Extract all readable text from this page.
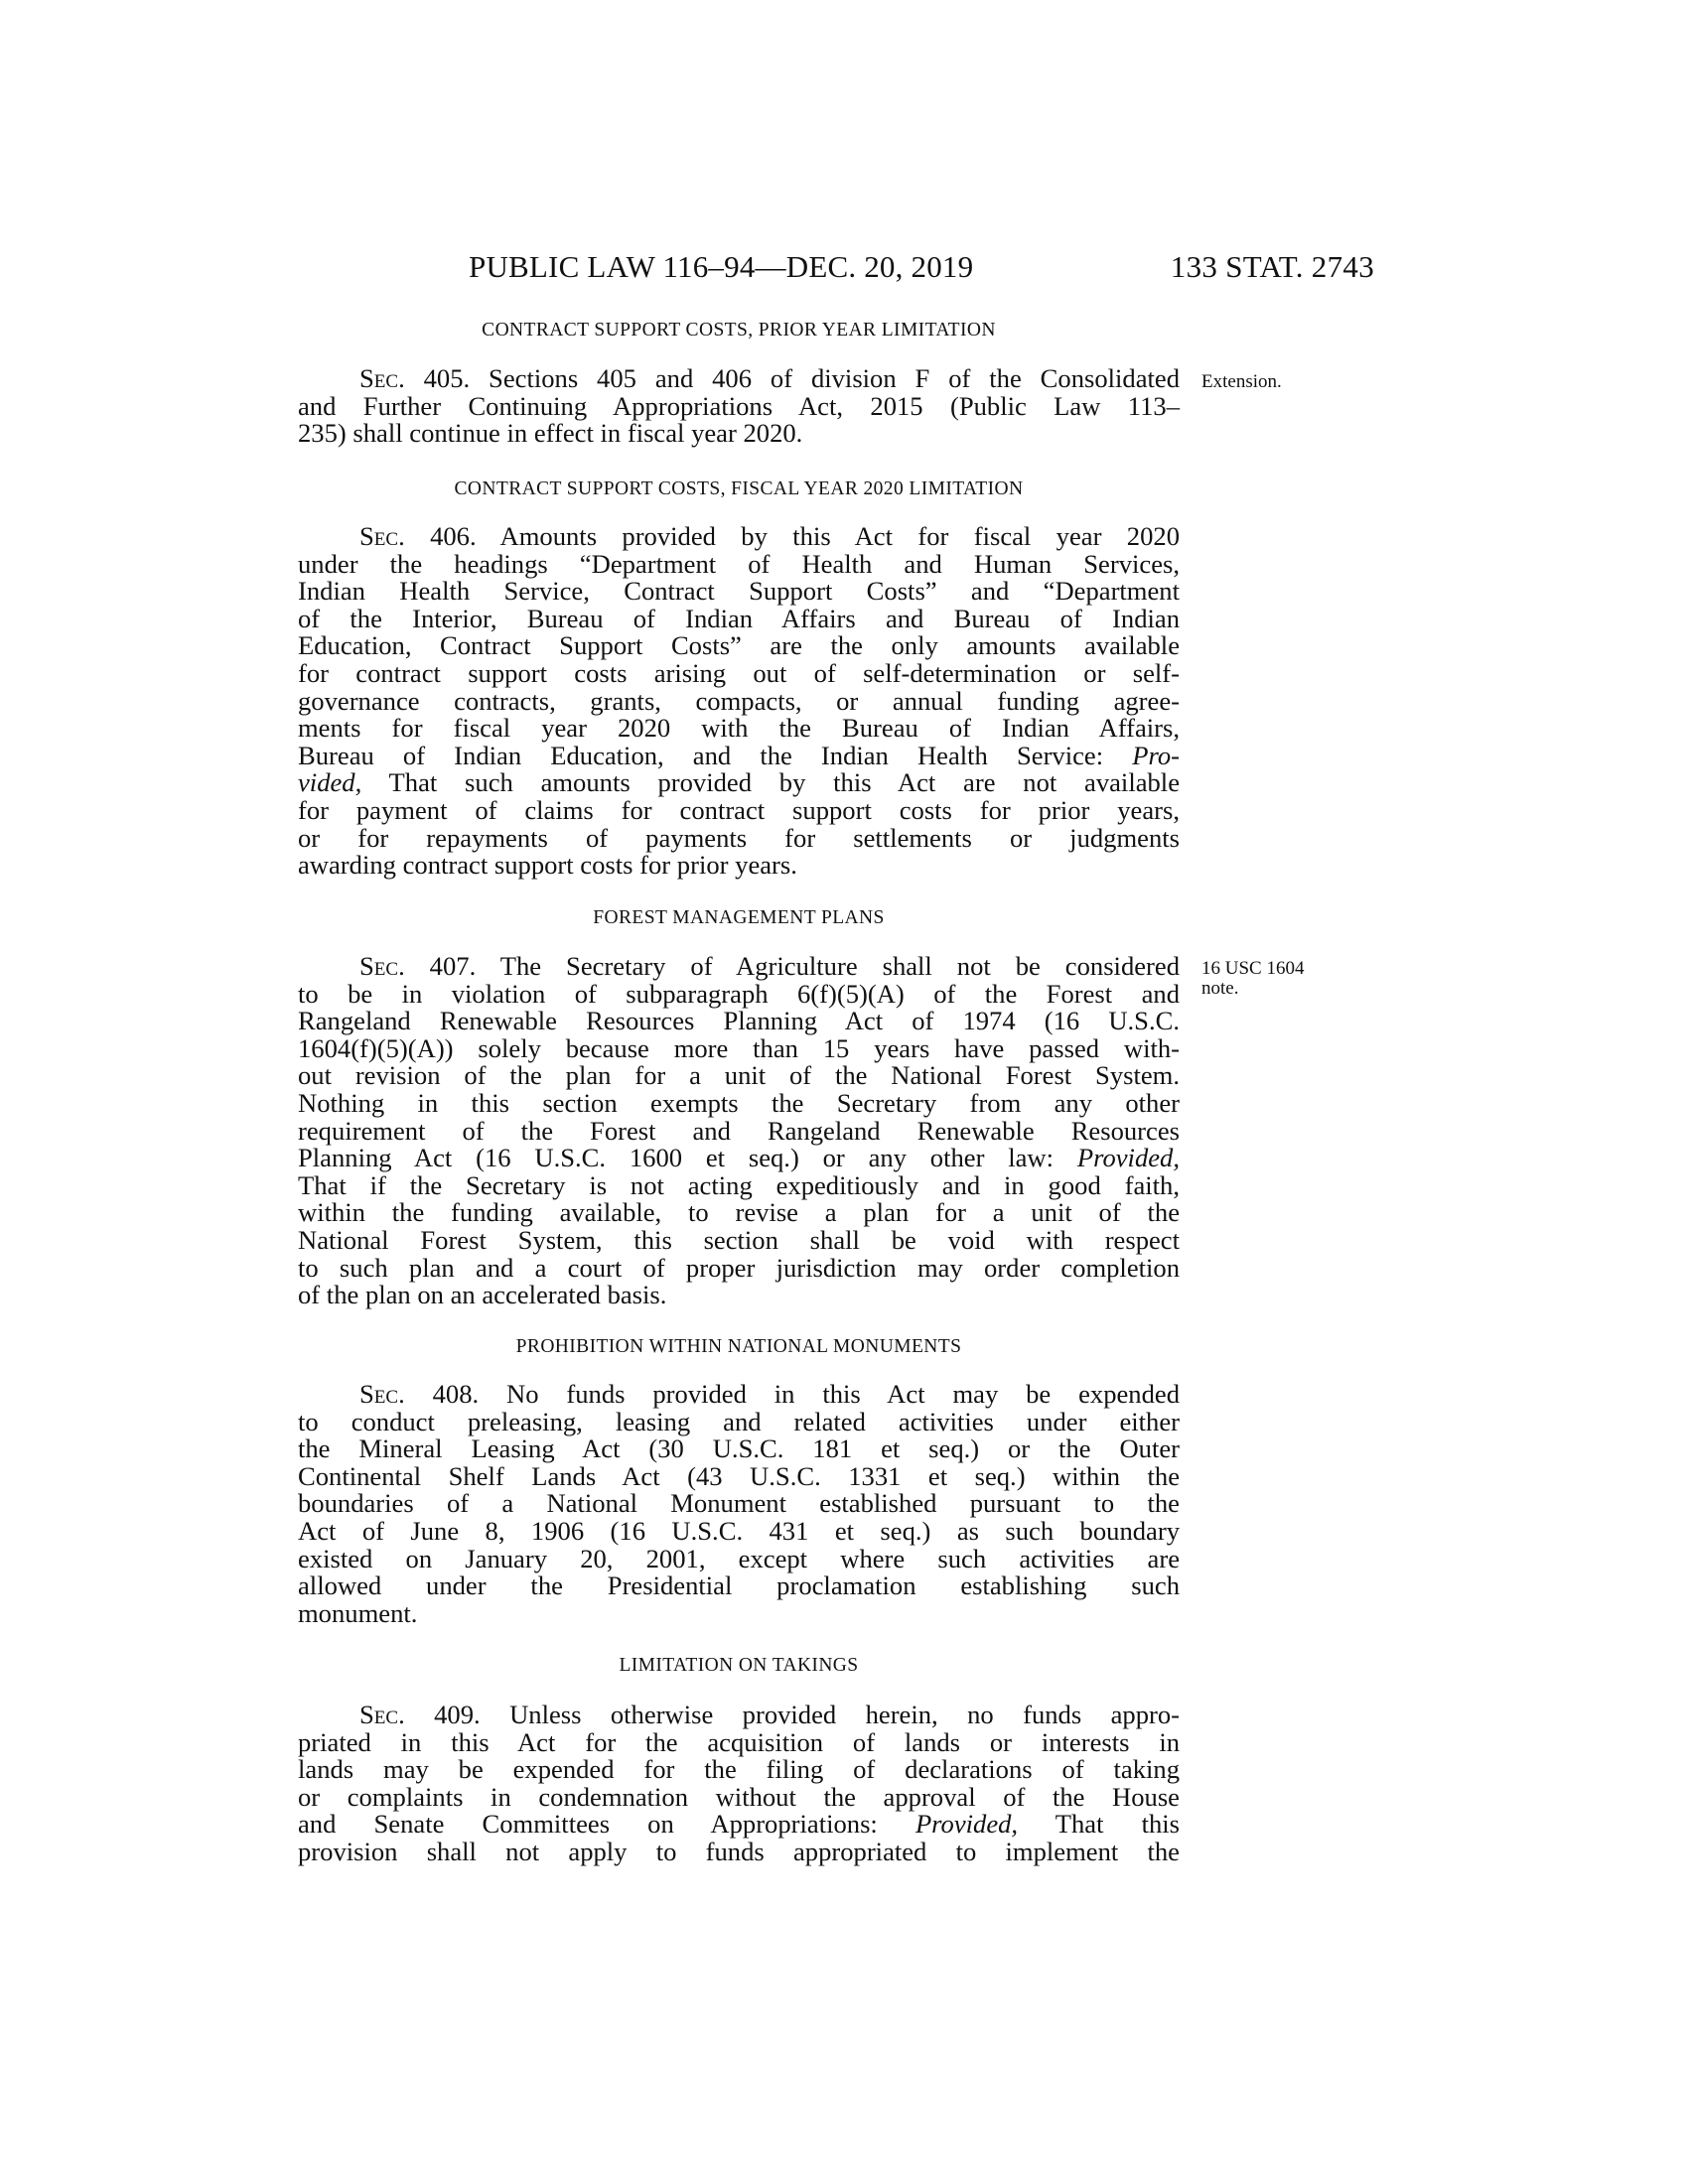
PUBLIC LAW 116–94—DEC. 20, 2019	133 STAT. 2743
CONTRACT SUPPORT COSTS, PRIOR YEAR LIMITATION
Extension.

Sec. 405. Sections 405 and 406 of division F of the Consolidated
and Further Continuing Appropriations Act, 2015 (Public Law 113–
235) shall continue in effect in fiscal year 2020.

CONTRACT SUPPORT COSTS, FISCAL YEAR 2020 LIMITATION

Sec. 406. Amounts provided by this Act for fiscal year 2020
under the headings “Department of Health and Human Services,
Indian Health Service, Contract Support Costs” and “Department
of the Interior, Bureau of Indian Affairs and Bureau of Indian
Education, Contract Support Costs” are the only amounts available
for contract support costs arising out of self-determination or self-
governance contracts, grants, compacts, or annual funding agree-
ments for fiscal year 2020 with the Bureau of Indian Affairs,
Bureau of Indian Education, and the Indian Health Service: Pro-
vided, That such amounts provided by this Act are not available
for payment of claims for contract support costs for prior years,
or for repayments of payments for settlements or judgments
awarding contract support costs for prior years.

FOREST MANAGEMENT PLANS
16 USC 1604
note.

Sec. 407. The Secretary of Agriculture shall not be considered
to be in violation of subparagraph 6(f)(5)(A) of the Forest and
Rangeland Renewable Resources Planning Act of 1974 (16 U.S.C.
1604(f)(5)(A)) solely because more than 15 years have passed with-
out revision of the plan for a unit of the National Forest System.
Nothing in this section exempts the Secretary from any other
requirement of the Forest and Rangeland Renewable Resources
Planning Act (16 U.S.C. 1600 et seq.) or any other law: Provided,
That if the Secretary is not acting expeditiously and in good faith,
within the funding available, to revise a plan for a unit of the
National Forest System, this section shall be void with respect
to such plan and a court of proper jurisdiction may order completion
of the plan on an accelerated basis.

PROHIBITION WITHIN NATIONAL MONUMENTS

Sec. 408. No funds provided in this Act may be expended
to conduct preleasing, leasing and related activities under either
the Mineral Leasing Act (30 U.S.C. 181 et seq.) or the Outer
Continental Shelf Lands Act (43 U.S.C. 1331 et seq.) within the
boundaries of a National Monument established pursuant to the
Act of June 8, 1906 (16 U.S.C. 431 et seq.) as such boundary
existed on January 20, 2001, except where such activities are
allowed under the Presidential proclamation establishing such
monument.

LIMITATION ON TAKINGS

Sec. 409. Unless otherwise provided herein, no funds appro-
priated in this Act for the acquisition of lands or interests in
lands may be expended for the filing of declarations of taking
or complaints in condemnation without the approval of the House
and Senate Committees on Appropriations: Provided, That this
provision shall not apply to funds appropriated to implement the
